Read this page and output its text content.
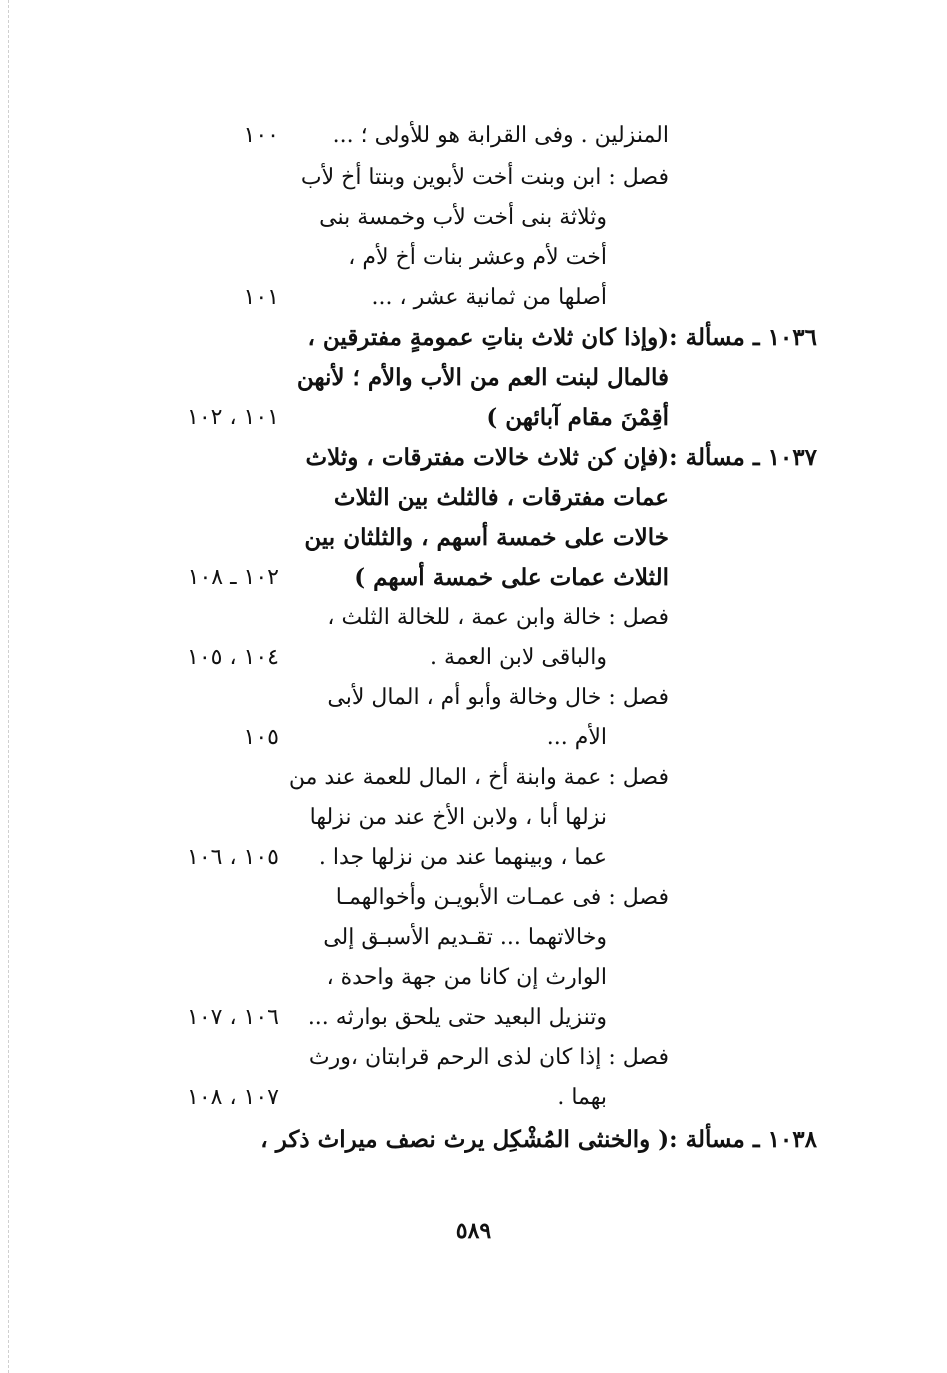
المنزلين . وفى القرابة هو للأولى ؛ ...
فصل : ابن وبنت أخت لأبوين وبنتا أخ لأب
وثلاثة بنى أخت لأب وخمسة بنى
أخت لأم وعشر بنات أخ لأم ،
أصلها من ثمانية عشر ، ...
١٠٣٦ ـ مسألة :(وإذا كان ثلاث بناتِ عمومةٍ مفترقين ،
فالمال لبنت العم من الأب والأم ؛ لأنهن
أقِمْنَ مقام آبائهن )
١٠٣٧ ـ مسألة :(فإن كن ثلاث خالات مفترقات ، وثلاث
عمات مفترقات ، فالثلث بين الثلاث
خالات على خمسة أسهم ، والثلثان بين
الثلاث عمات على خمسة أسهم )
فصل : خالة وابن عمة ، للخالة الثلث ،
والباقى لابن العمة .
فصل : خال وخالة وأبو أم ، المال لأبى
الأم ...
فصل : عمة وابنة أخ ، المال للعمة عند من
نزلها أبا ، ولابن الأخ عند من نزلها
عما ، وبينهما عند من نزلها جدا .
فصل : فى عمـات الأبويـن وأخوالهمـا
وخالاتهما ... تقـديم الأسبـق إلى
الوارث إن كانا من جهة واحدة ،
وتنزيل البعيد حتى يلحق بوارثه ...
فصل : إذا كان لذى الرحم قرابتان ،ورث
بهما .
١٠٣٨ ـ مسألة :( والخنثى المُشْكِل يرث نصف ميراث ذكر ،
١٠٠
١٠١
١٠١ ، ١٠٢
١٠٢ ـ ١٠٨
١٠٤ ، ١٠٥
١٠٥
١٠٥ ، ١٠٦
١٠٦ ، ١٠٧
١٠٧ ، ١٠٨
٥٨٩
